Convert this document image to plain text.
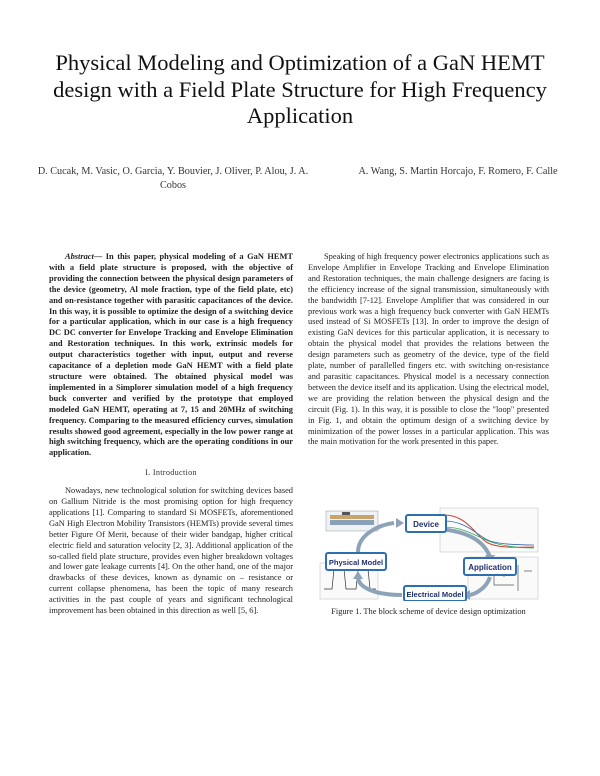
Physical Modeling and Optimization of a GaN HEMT design with a Field Plate Structure for High Frequency Application
D. Cucak, M. Vasic, O. Garcia, Y. Bouvier, J. Oliver, P. Alou, J. A. Cobos
A. Wang, S. Martin Horcajo, F. Romero, F. Calle

Abstract— In this paper, physical modeling of a GaN HEMT with a field plate structure is proposed, with the objective of providing the connection between the physical design parameters of the device (geometry, Al mole fraction, type of the field plate, etc) and on-resistance together with parasitic capacitances of the device. In this way, it is possible to optimize the design of a switching device for a particular application, which in our case is a high frequency DC DC converter for Envelope Tracking and Envelope Elimination and Restoration techniques. In this work, extrinsic models for output characteristics together with input, output and reverse capacitance of a depletion mode GaN HEMT with a field plate structure were obtained. The obtained physical model was implemented in a Simplorer simulation model of a high frequency buck converter and verified by the prototype that employed modeled GaN HEMT, operating at 7, 15 and 20MHz of switching frequency. Comparing to the measured efficiency curves, simulation results showed good agreement, especially in the low power range at high switching frequency, which are the operating conditions in our application.

I. Introduction

Nowadays, new technological solution for switching devices based on Gallium Nitride is the most promising option for high frequency applications [1]. Comparing to standard Si MOSFETs, aforementioned GaN High Electron Mobility Transistors (HEMTs) provide several times better Figure Of Merit, because of their wider bandgap, higher critical electric field and saturation velocity [2, 3]. Additional application of the so-called field plate structure, provides even higher breakdown voltages and lower gate leakage currents [4]. On the other hand, one of the major drawbacks of these devices, known as dynamic on – resistance or current collapse phenomena, has been the topic of many research activities in the past couple of years and significant technological improvement has been obtained in this direction as well [5, 6].

Speaking of high frequency power electronics applications such as Envelope Amplifier in Envelope Tracking and Envelope Elimination and Restoration techniques, the main challenge designers are facing is the efficiency increase of the signal transmission, simultaneously with the bandwidth [7-12]. Envelope Amplifier that was considered in our previous work was a high frequency buck converter with GaN HEMTs used instead of Si MOSFETs [13]. In order to improve the design of existing GaN devices for this particular application, it is necessary to obtain the physical model that provides the relations between the design parameters such as geometry of the device, type of the field plate, number of parallelled fingers etc. with switching on-resistance and parasitic capacitances. Physical model is a necessary connection between the device itself and its application. Using the electrical model, we are providing the relation between the physical design and the circuit (Fig. 1). In this way, it is possible to close the "loop" presented in Fig. 1, and obtain the optimum design of a switching device by minimization of the power losses in a particular application. This was the main motivation for the work presented in this paper.

Device
Physical Model
Application
Electrical Model
Figure 1. The block scheme of device design optimization
